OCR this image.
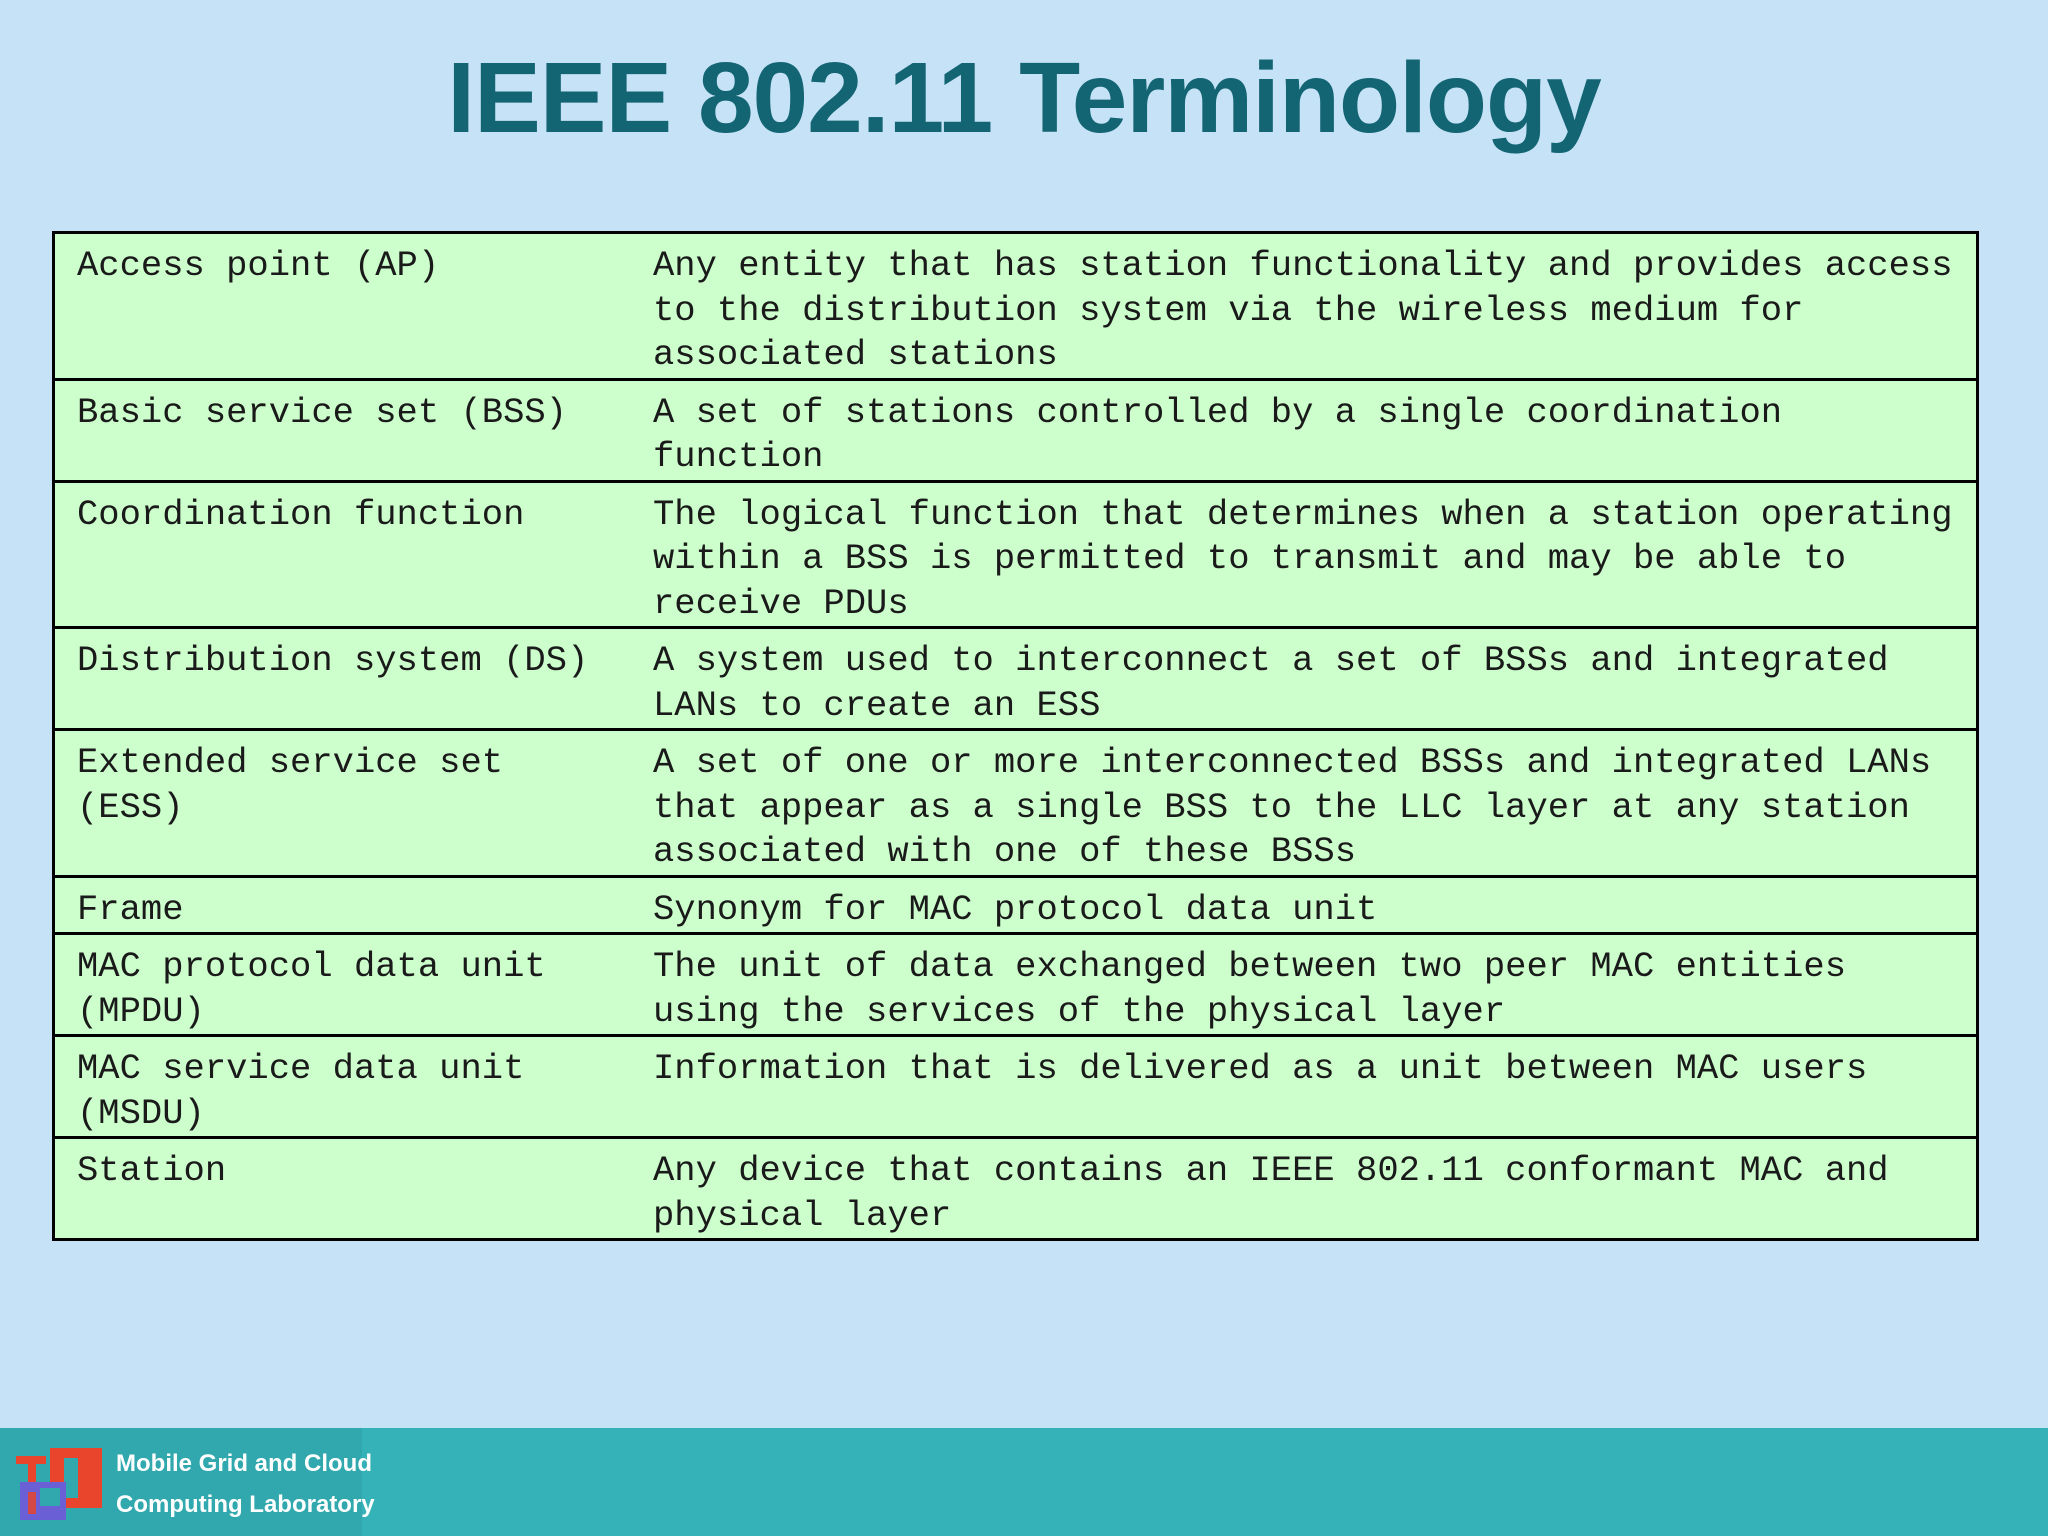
IEEE 802.11 Terminology
Access point (AP)	Any entity that has station functionality and provides access to the distribution system via the wireless medium for associated stations
Basic service set (BSS)	A set of stations controlled by a single coordination function
Coordination function	The logical function that determines when a station operating within a BSS is permitted to transmit and may be able to receive PDUs
Distribution system (DS)	A system used to interconnect a set of BSSs and integrated LANs to create an ESS
Extended service set (ESS)	A set of one or more interconnected BSSs and integrated LANs that appear as a single BSS to the LLC layer at any station associated with one of these BSSs
Frame	Synonym for MAC protocol data unit
MAC protocol data unit (MPDU)	The unit of data exchanged between two peer MAC entities using the services of the physical layer
MAC service data unit (MSDU)	Information that is delivered as a unit between MAC users
Station	Any device that contains an IEEE 802.11 conformant MAC and physical layer
Mobile Grid and Cloud
Computing Laboratory
